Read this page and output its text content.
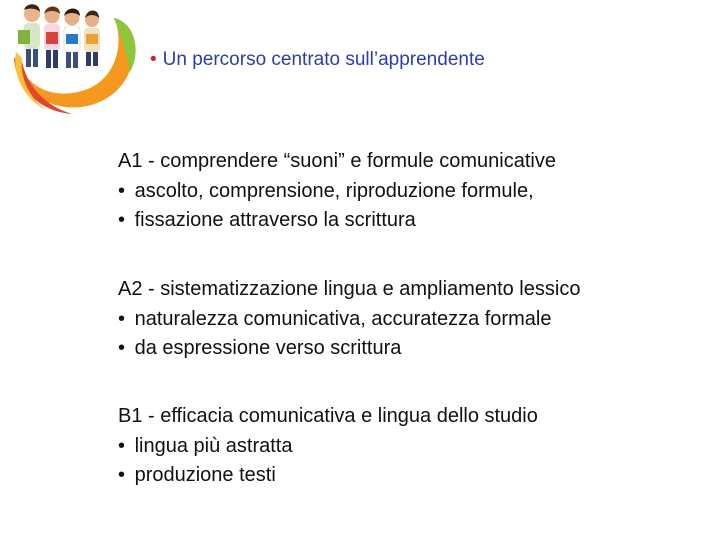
• Un percorso centrato sull’apprendente
A1 - comprendere “suoni” e formule comunicative
• ascolto, comprensione, riproduzione formule,
• fissazione attraverso la scrittura
A2 - sistematizzazione lingua e ampliamento lessico
• naturalezza comunicativa, accuratezza formale
• da espressione verso scrittura
B1 - efficacia comunicativa e lingua dello studio
• lingua più astratta
• produzione testi
